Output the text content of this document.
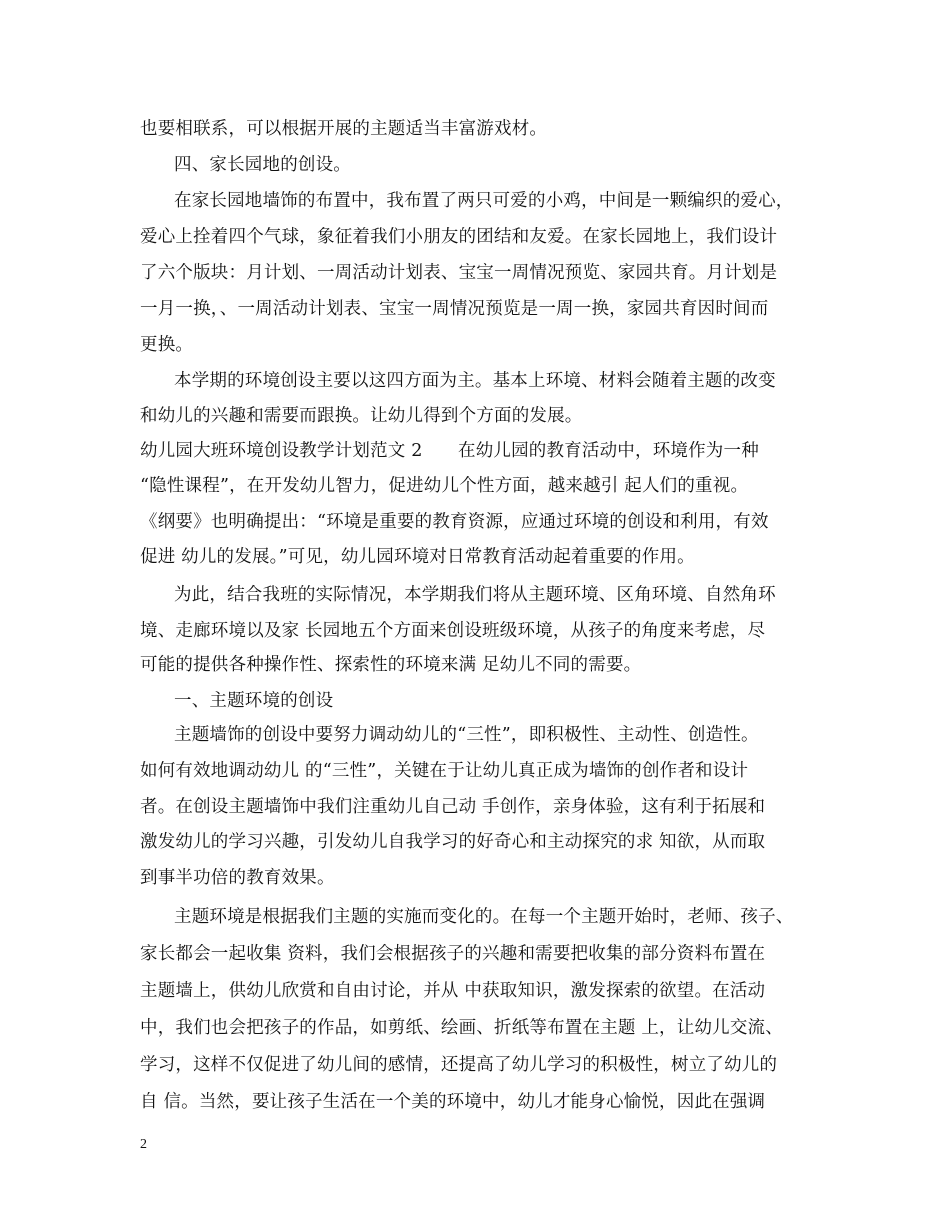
也要相联系，可以根据开展的主题适当丰富游戏材。
四、家长园地的创设。
在家长园地墙饰的布置中，我布置了两只可爱的小鸡，中间是一颗编织的爱心，
爱心上拴着四个气球，象征着我们小朋友的团结和友爱。在家长园地上，我们设计
了六个版块：月计划、一周活动计划表、宝宝一周情况预览、家园共育。月计划是
一月一换，、一周活动计划表、宝宝一周情况预览是一周一换，家园共育因时间而
更换。
本学期的环境创设主要以这四方面为主。基本上环境、材料会随着主题的改变
和幼儿的兴趣和需要而跟换。让幼儿得到个方面的发展。
幼儿园大班环境创设教学计划范文 2　　在幼儿园的教育活动中，环境作为一种
“隐性课程”，在开发幼儿智力，促进幼儿个性方面，越来越引 起人们的重视。
《纲要》也明确提出：“环境是重要的教育资源，应通过环境的创设和利用，有效
促进 幼儿的发展。”可见，幼儿园环境对日常教育活动起着重要的作用。
为此，结合我班的实际情况，本学期我们将从主题环境、区角环境、自然角环
境、走廊环境以及家 长园地五个方面来创设班级环境，从孩子的角度来考虑，尽
可能的提供各种操作性、探索性的环境来满 足幼儿不同的需要。
一、主题环境的创设
主题墙饰的创设中要努力调动幼儿的“三性”，即积极性、主动性、创造性。
如何有效地调动幼儿 的“三性”，关键在于让幼儿真正成为墙饰的创作者和设计
者。在创设主题墙饰中我们注重幼儿自己动 手创作，亲身体验，这有利于拓展和
激发幼儿的学习兴趣，引发幼儿自我学习的好奇心和主动探究的求 知欲，从而取
到事半功倍的教育效果。
主题环境是根据我们主题的实施而变化的。在每一个主题开始时，老师、孩子、
家长都会一起收集 资料，我们会根据孩子的兴趣和需要把收集的部分资料布置在
主题墙上，供幼儿欣赏和自由讨论，并从 中获取知识，激发探索的欲望。在活动
中，我们也会把孩子的作品，如剪纸、绘画、折纸等布置在主题 上，让幼儿交流、
学习，这样不仅促进了幼儿间的感情，还提高了幼儿学习的积极性，树立了幼儿的
自 信。当然，要让孩子生活在一个美的环境中，幼儿才能身心愉悦，因此在强调
2
